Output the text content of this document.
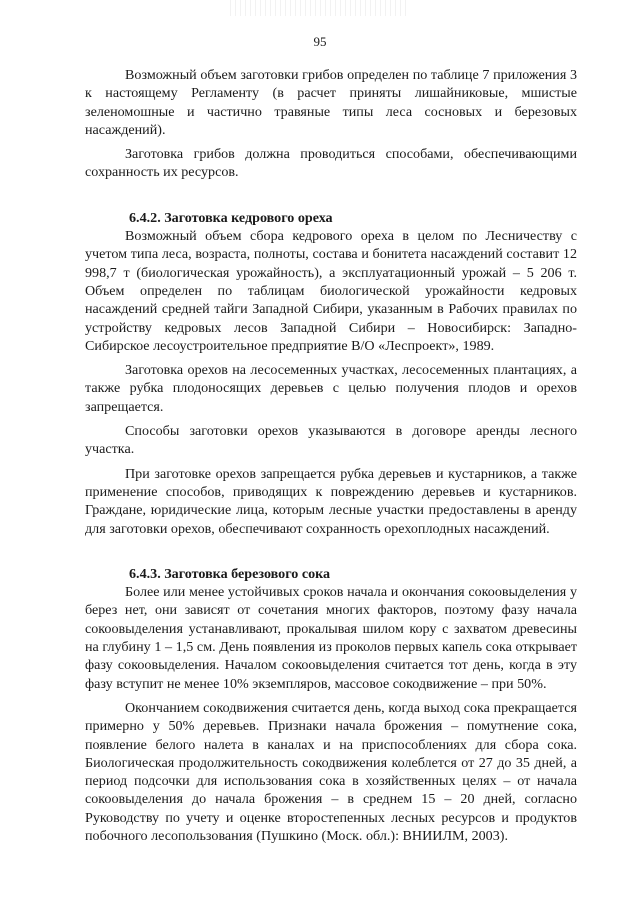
95

Возможный объем заготовки грибов определен по таблице 7 приложения 3 к настоящему Регламенту (в расчет приняты лишайниковые, мшистые зеленомошные и частично травяные типы леса сосновых и березовых насаждений).

Заготовка грибов должна проводиться способами, обеспечивающими сохранность их ресурсов.

6.4.2. Заготовка кедрового ореха

Возможный объем сбора кедрового ореха в целом по Лесничеству с учетом типа леса, возраста, полноты, состава и бонитета насаждений составит 12 998,7 т (биологическая урожайность), а эксплуатационный урожай – 5 206 т. Объем определен по таблицам биологической урожайности кедровых насаждений средней тайги Западной Сибири, указанным в Рабочих правилах по устройству кедровых лесов Западной Сибири – Новосибирск: Западно-Сибирское лесоустроительное предприятие В/О «Леспроект», 1989.

Заготовка орехов на лесосеменных участках, лесосеменных плантациях, а также рубка плодоносящих деревьев с целью получения плодов и орехов запрещается.

Способы заготовки орехов указываются в договоре аренды лесного участка.

При заготовке орехов запрещается рубка деревьев и кустарников, а также применение способов, приводящих к повреждению деревьев и кустарников. Граждане, юридические лица, которым лесные участки предоставлены в аренду для заготовки орехов, обеспечивают сохранность орехоплодных насаждений.

6.4.3. Заготовка березового сока

Более или менее устойчивых сроков начала и окончания сокоовыделения у берез нет, они зависят от сочетания многих факторов, поэтому фазу начала сокоовыделения устанавливают, прокалывая шилом кору с захватом древесины на глубину 1 – 1,5 см. День появления из проколов первых капель сока открывает фазу сокоовыделения. Началом сокоовыделения считается тот день, когда в эту фазу вступит не менее 10% экземпляров, массовое сокодвижение – при 50%.

Окончанием сокодвижения считается день, когда выход сока прекращается примерно у 50% деревьев. Признаки начала брожения – помутнение сока, появление белого налета в каналах и на приспособлениях для сбора сока. Биологическая продолжительность сокодвижения колеблется от 27 до 35 дней, а период подсочки для использования сока в хозяйственных целях – от начала сокоовыделения до начала брожения – в среднем 15 – 20 дней, согласно Руководству по учету и оценке второстепенных лесных ресурсов и продуктов побочного лесопользования (Пушкино (Моск. обл.): ВНИИЛМ, 2003).
